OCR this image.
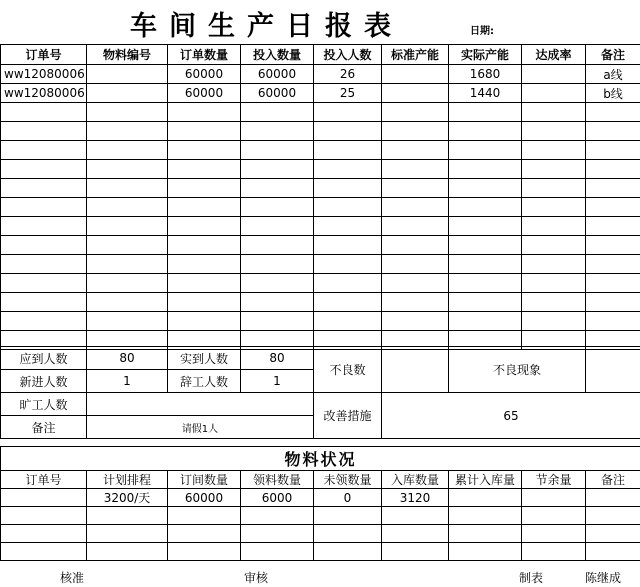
车间生产日报表	日期:
订单号	物料编号	订单数量	投入数量	投入人数	标准产能	实际产能	达成率	备注
ww12080006		60000	60000	26		1680		a线
ww12080006		60000	60000	25		1440		b线

应到人数	80	实到人数	80	不良数		不良现象	
新进人数	1	辞工人数	1				
旷工人数				改善措施	65		
备注	请假1人						
物料状况								
订单号	计划排程	订间数量	领料数量	未领数量	入库数量	累计入库量	节余量	备注
	3200/天	60000	6000	0	3120			

核准	审核	制表	陈继成
